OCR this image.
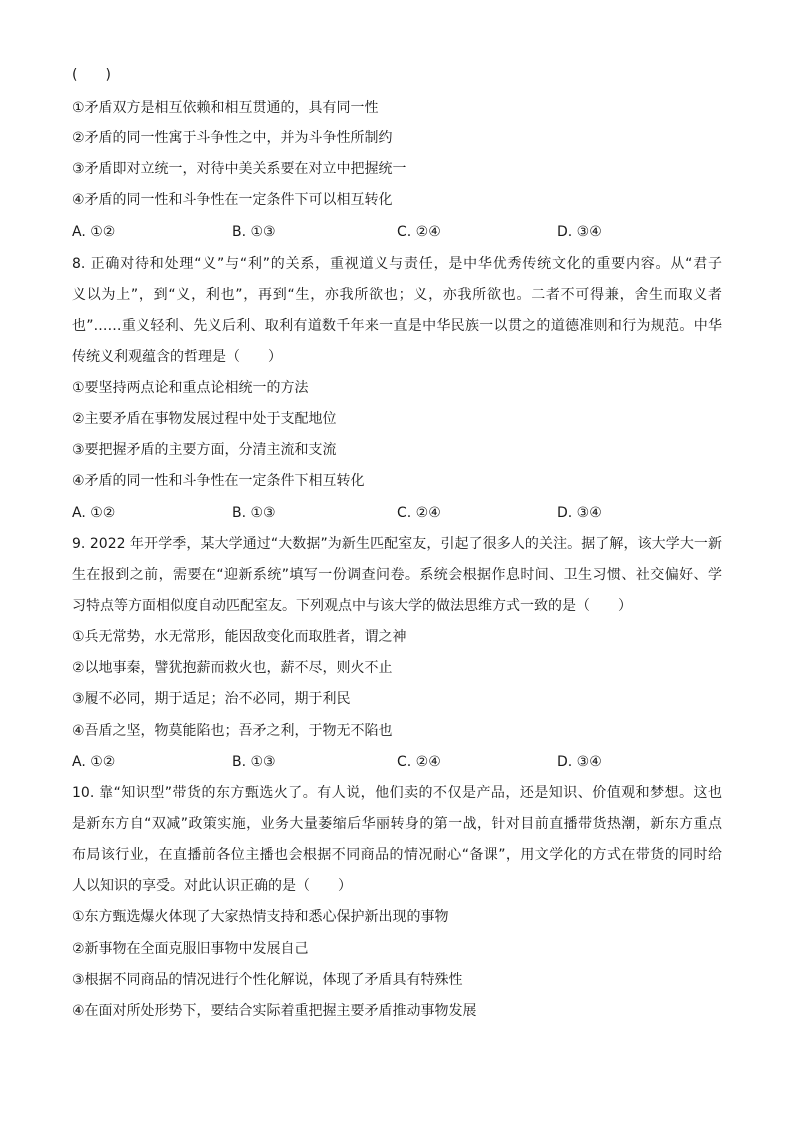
(　　)
①矛盾双方是相互依赖和相互贯通的，具有同一性
②矛盾的同一性寓于斗争性之中，并为斗争性所制约
③矛盾即对立统一，对待中美关系要在对立中把握统一
④矛盾的同一性和斗争性在一定条件下可以相互转化
A. ①②	B. ①③	C. ②④	D. ③④
8. 正确对待和处理“义”与“利”的关系，重视道义与责任，是中华优秀传统文化的重要内容。从“君子
义以为上”，到“义，利也”，再到“生，亦我所欲也；义，亦我所欲也。二者不可得兼，舍生而取义者
也”……重义轻利、先义后利、取利有道数千年来一直是中华民族一以贯之的道德准则和行为规范。中华
传统义利观蕴含的哲理是（　　）
①要坚持两点论和重点论相统一的方法
②主要矛盾在事物发展过程中处于支配地位
③要把握矛盾的主要方面，分清主流和支流
④矛盾的同一性和斗争性在一定条件下相互转化
A. ①②	B. ①③	C. ②④	D. ③④
9. 2022 年开学季，某大学通过“大数据”为新生匹配室友，引起了很多人的关注。据了解，该大学大一新
生在报到之前，需要在“迎新系统”填写一份调查问卷。系统会根据作息时间、卫生习惯、社交偏好、学
习特点等方面相似度自动匹配室友。下列观点中与该大学的做法思维方式一致的是（　　）
①兵无常势，水无常形，能因敌变化而取胜者，谓之神
②以地事秦，譬犹抱薪而救火也，薪不尽，则火不止
③履不必同，期于适足；治不必同，期于利民
④吾盾之坚，物莫能陷也；吾矛之利，于物无不陷也
A. ①②	B. ①③	C. ②④	D. ③④
10. 靠“知识型”带货的东方甄选火了。有人说，他们卖的不仅是产品，还是知识、价值观和梦想。这也
是新东方自“双减”政策实施，业务大量萎缩后华丽转身的第一战，针对目前直播带货热潮，新东方重点
布局该行业，在直播前各位主播也会根据不同商品的情况耐心“备课”，用文学化的方式在带货的同时给
人以知识的享受。对此认识正确的是（　　）
①东方甄选爆火体现了大家热情支持和悉心保护新出现的事物
②新事物在全面克服旧事物中发展自己
③根据不同商品的情况进行个性化解说，体现了矛盾具有特殊性
④在面对所处形势下，要结合实际着重把握主要矛盾推动事物发展
